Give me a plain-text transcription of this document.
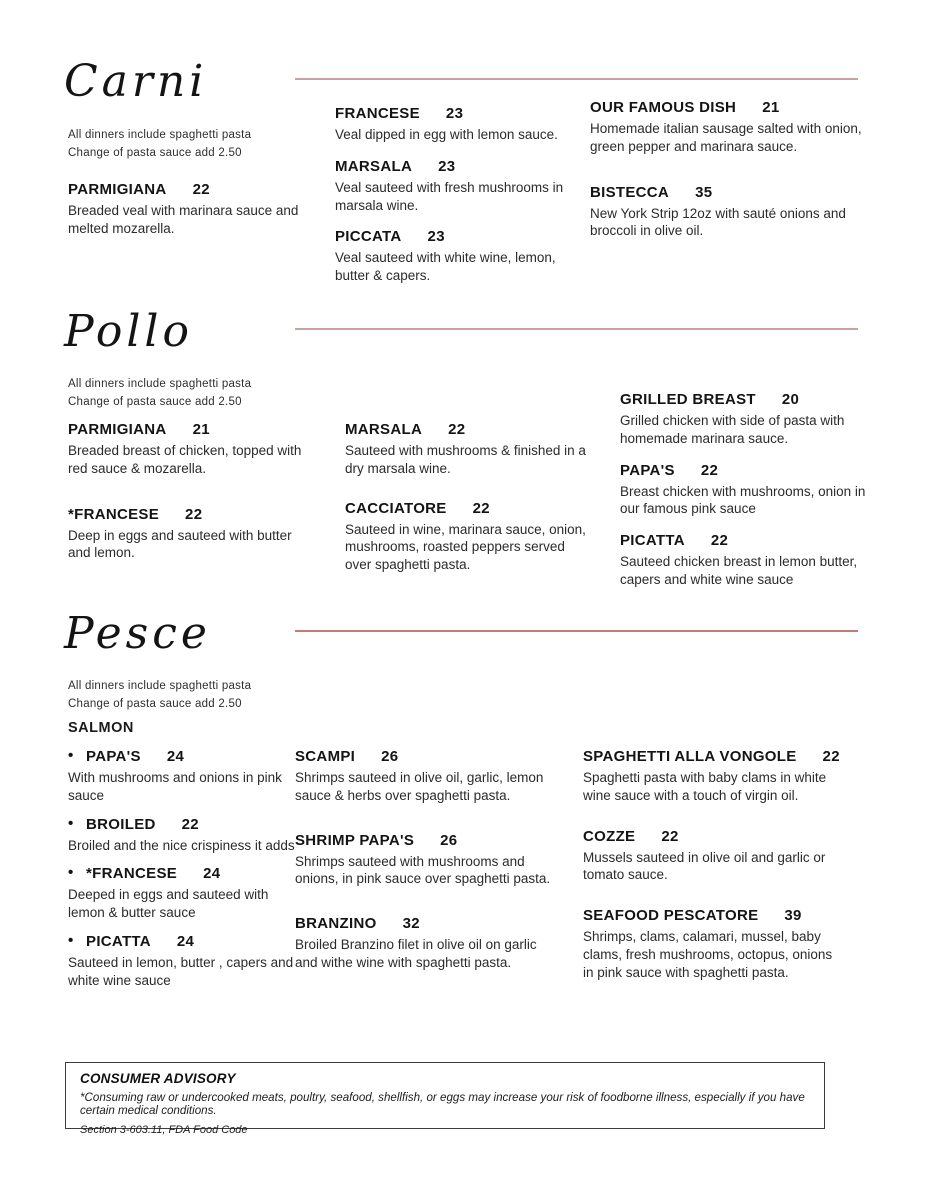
Carni
All dinners include spaghetti pasta
Change of pasta sauce add 2.50
PARMIGIANA 22
Breaded veal with marinara sauce and melted mozarella.
FRANCESE 23
Veal dipped in egg with lemon sauce.
MARSALA 23
Veal sauteed with fresh mushrooms in marsala wine.
PICCATA 23
Veal sauteed with white wine, lemon, butter & capers.
OUR FAMOUS DISH 21
Homemade italian sausage salted with onion, green pepper and marinara sauce.
BISTECCA 35
New York Strip 12oz with sauté onions and broccoli in olive oil.
Pollo
All dinners include spaghetti pasta
Change of pasta sauce add 2.50
PARMIGIANA 21
Breaded breast of chicken, topped with red sauce & mozarella.
*FRANCESE 22
Deep in eggs and sauteed with butter and lemon.
MARSALA 22
Sauteed with mushrooms & finished in a dry marsala wine.
CACCIATORE 22
Sauteed in wine, marinara sauce, onion, mushrooms, roasted peppers served over spaghetti pasta.
GRILLED BREAST 20
Grilled chicken with side of pasta with homemade marinara sauce.
PAPA'S 22
Breast chicken with mushrooms, onion in our famous pink sauce
PICATTA 22
Sauteed chicken breast in lemon butter, capers and white wine sauce
Pesce
All dinners include spaghetti pasta
Change of pasta sauce add 2.50
SALMON
• PAPA'S 24
With mushrooms and onions in pink sauce
• BROILED 22
Broiled and the nice crispiness it adds
• *FRANCESE 24
Deeped in eggs and sauteed with lemon & butter sauce
• PICATTA 24
Sauteed in lemon, butter , capers and white wine sauce
SCAMPI 26
Shrimps sauteed in olive oil, garlic, lemon sauce & herbs over spaghetti pasta.
SHRIMP PAPA'S 26
Shrimps sauteed with mushrooms and onions, in pink sauce over spaghetti pasta.
BRANZINO 32
Broiled Branzino filet in olive oil on garlic and withe wine with spaghetti pasta.
SPAGHETTI ALLA VONGOLE 22
Spaghetti pasta with baby clams in white wine sauce with a touch of virgin oil.
COZZE 22
Mussels sauteed in olive oil and garlic or tomato sauce.
SEAFOOD PESCATORE 39
Shrimps, clams, calamari, mussel, baby clams, fresh mushrooms, octopus, onions in pink sauce with spaghetti pasta.
CONSUMER ADVISORY
*Consuming raw or undercooked meats, poultry, seafood, shellfish, or eggs may increase your risk of foodborne illness, especially if you have certain medical conditions.
Section 3-603.11, FDA Food Code
